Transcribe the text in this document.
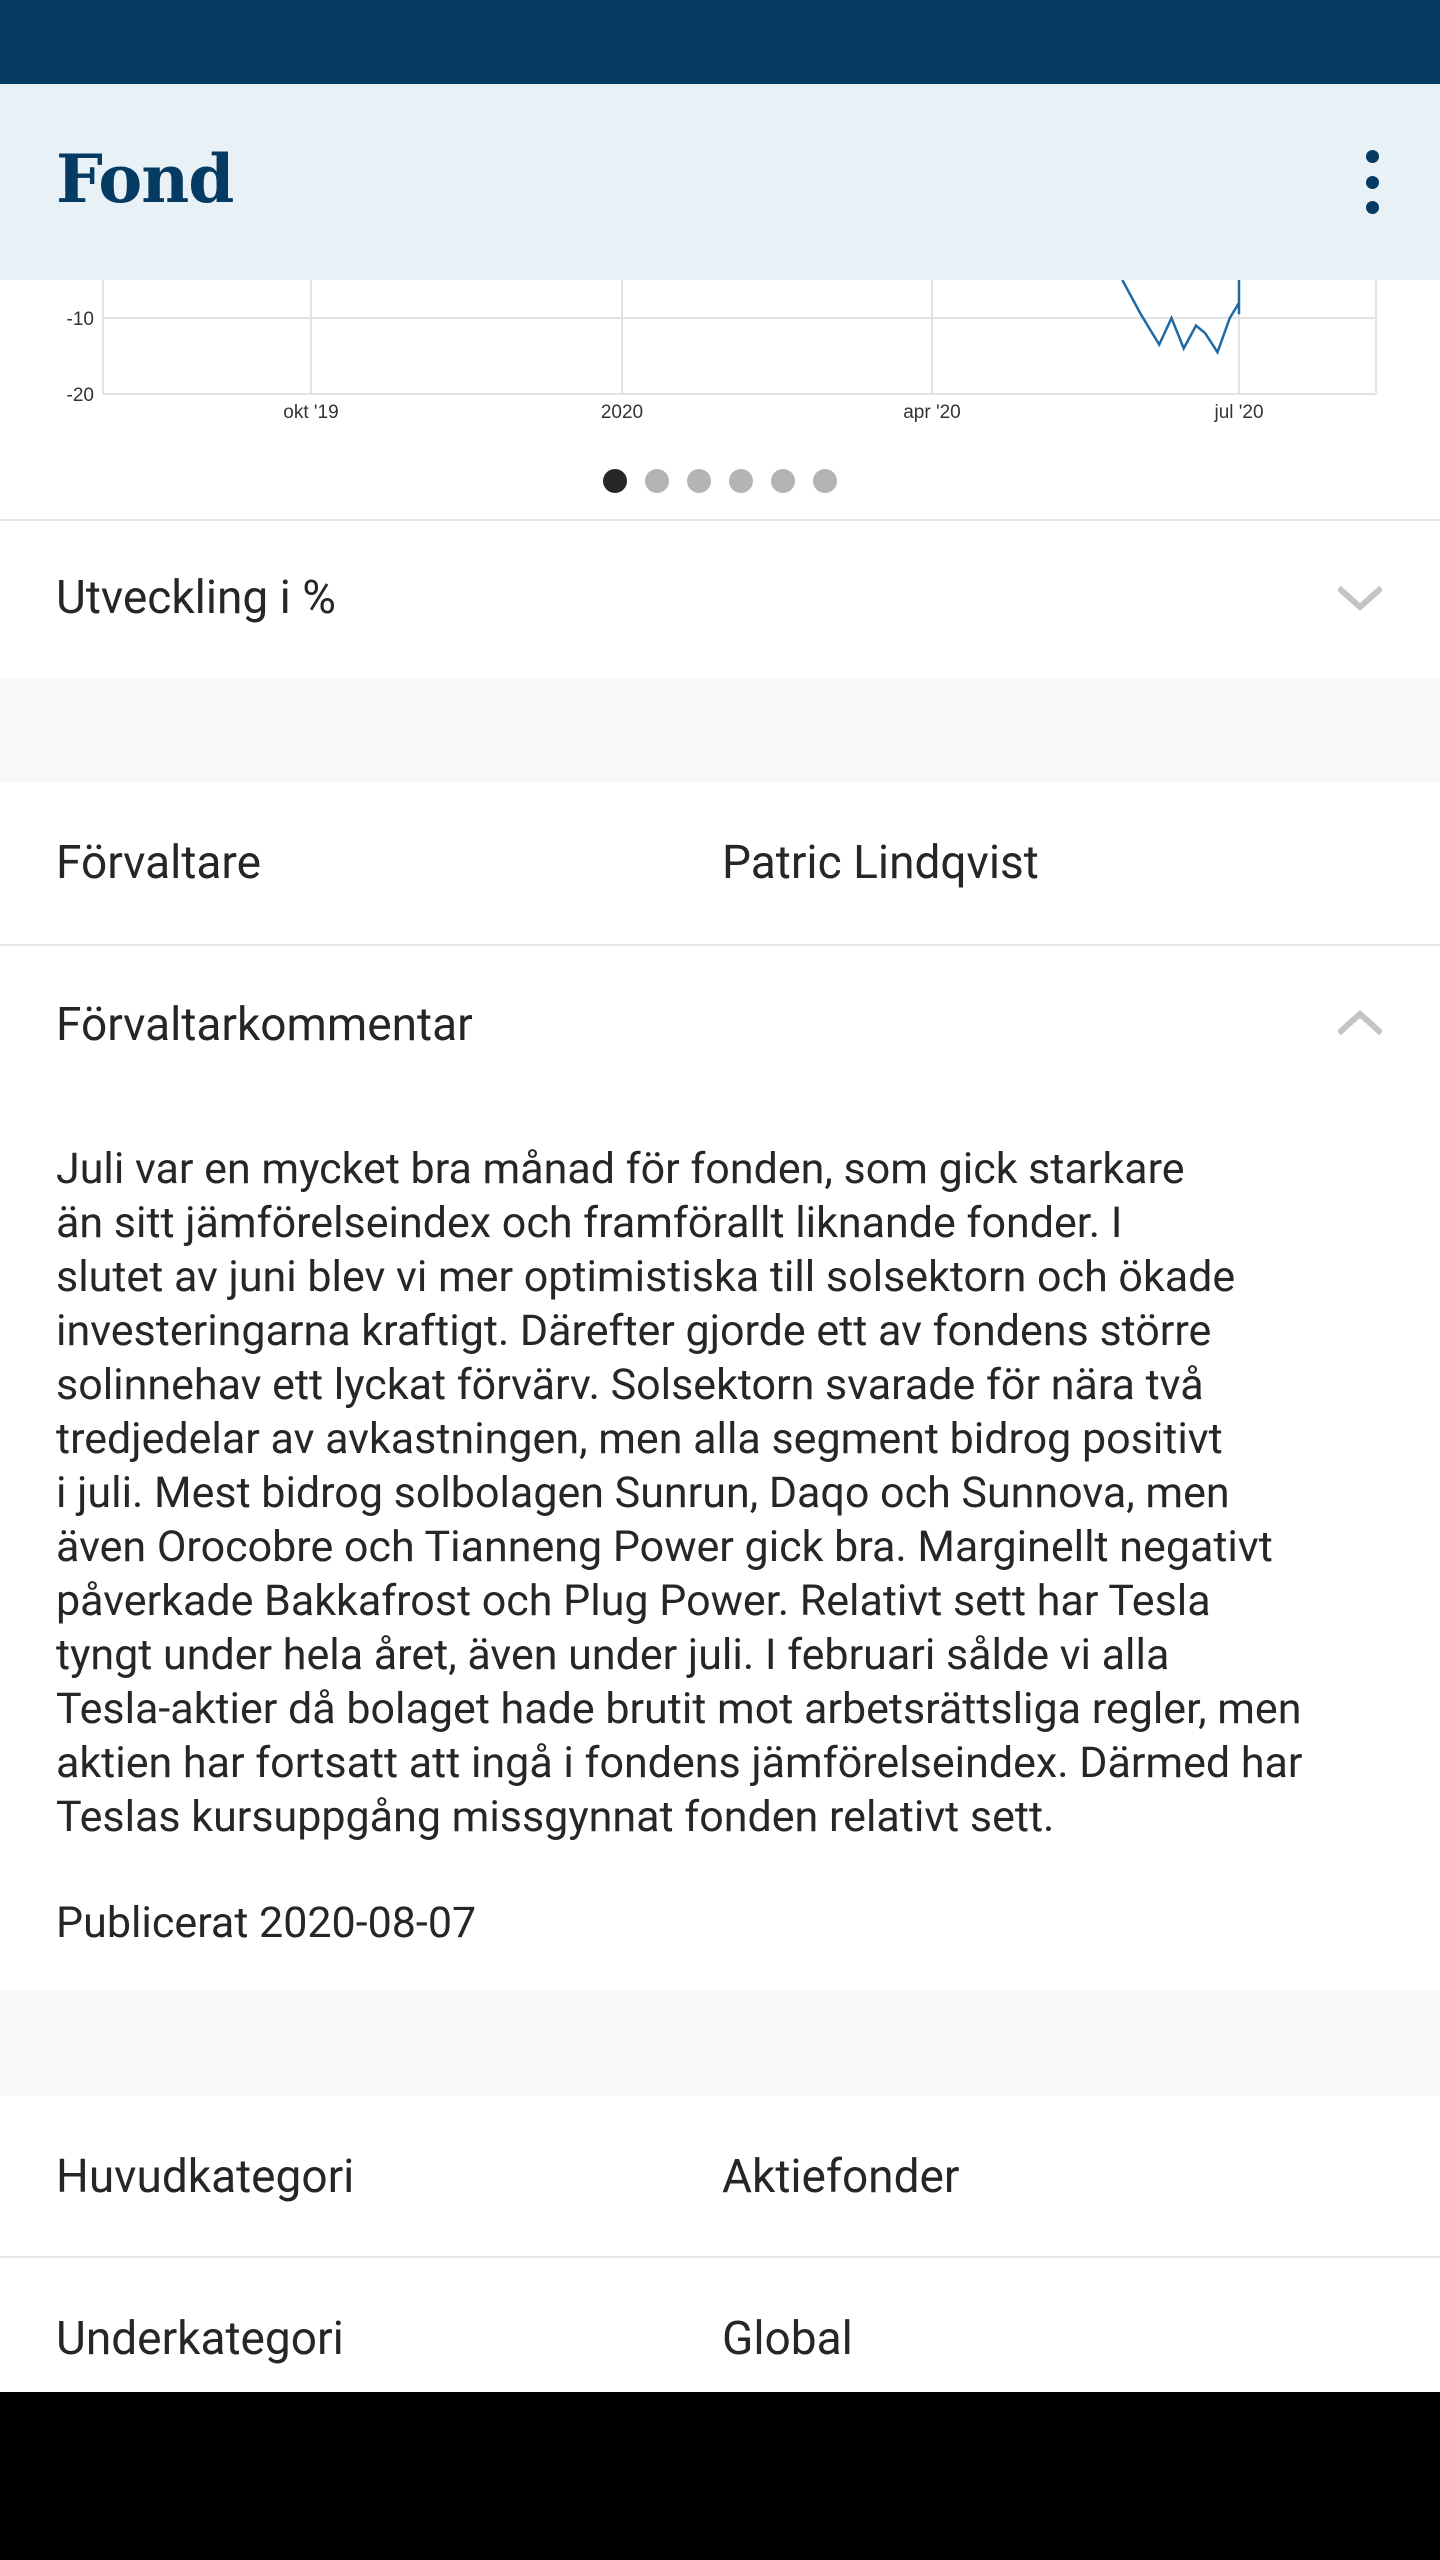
Fond
-10
-20
okt '19	2020	apr '20	jul '20
Utveckling i %
Förvaltare	Patric Lindqvist
Förvaltarkommentar

Juli var en mycket bra månad för fonden, som gick starkare
än sitt jämförelseindex och framförallt liknande fonder. I
slutet av juni blev vi mer optimistiska till solsektorn och ökade
investeringarna kraftigt. Därefter gjorde ett av fondens större
solinnehav ett lyckat förvärv. Solsektorn svarade för nära två
tredjedelar av avkastningen, men alla segment bidrog positivt
i juli. Mest bidrog solbolagen Sunrun, Daqo och Sunnova, men
även Orocobre och Tianneng Power gick bra. Marginellt negativt
påverkade Bakkafrost och Plug Power. Relativt sett har Tesla
tyngt under hela året, även under juli. I februari sålde vi alla
Tesla-aktier då bolaget hade brutit mot arbetsrättsliga regler, men
aktien har fortsatt att ingå i fondens jämförelseindex. Därmed har
Teslas kursuppgång missgynnat fonden relativt sett.

Publicerat 2020-08-07
Huvudkategori	Aktiefonder
Underkategori	Global
